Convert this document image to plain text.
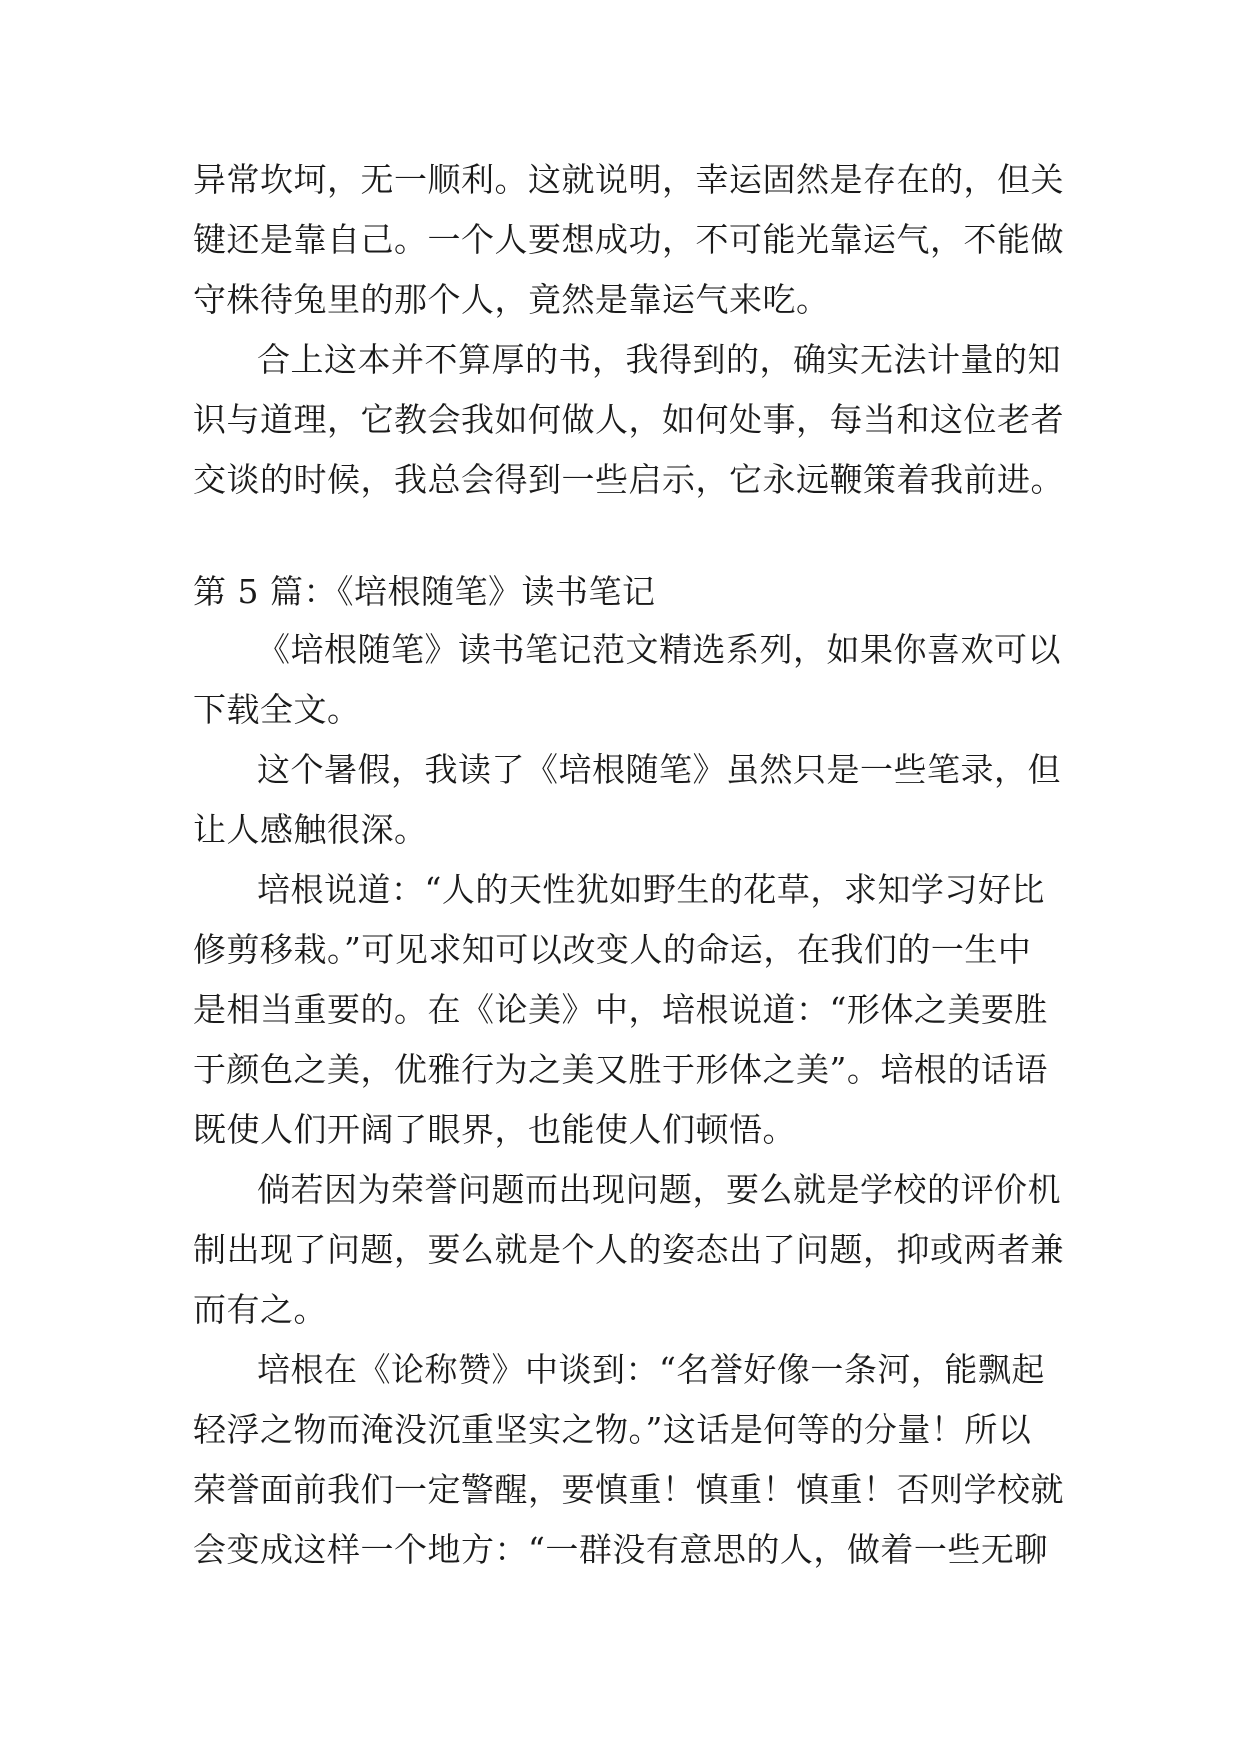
异常坎坷，无一顺利。这就说明，幸运固然是存在的，但关
键还是靠自己。一个人要想成功，不可能光靠运气，不能做
守株待兔里的那个人，竟然是靠运气来吃。
合上这本并不算厚的书，我得到的，确实无法计量的知
识与道理，它教会我如何做人，如何处事，每当和这位老者
交谈的时候，我总会得到一些启示，它永远鞭策着我前进。
第 5 篇：《培根随笔》读书笔记
《培根随笔》读书笔记范文精选系列，如果你喜欢可以
下载全文。
这个暑假，我读了《培根随笔》虽然只是一些笔录，但
让人感触很深。
培根说道：“人的天性犹如野生的花草，求知学习好比
修剪移栽。”可见求知可以改变人的命运，在我们的一生中
是相当重要的。在《论美》中，培根说道：“形体之美要胜
于颜色之美，优雅行为之美又胜于形体之美”。培根的话语
既使人们开阔了眼界，也能使人们顿悟。
倘若因为荣誉问题而出现问题，要么就是学校的评价机
制出现了问题，要么就是个人的姿态出了问题，抑或两者兼
而有之。
培根在《论称赞》中谈到：“名誉好像一条河，能飘起
轻浮之物而淹没沉重坚实之物。”这话是何等的分量！所以
荣誉面前我们一定警醒，要慎重！慎重！慎重！否则学校就
会变成这样一个地方：“一群没有意思的人，做着一些无聊
